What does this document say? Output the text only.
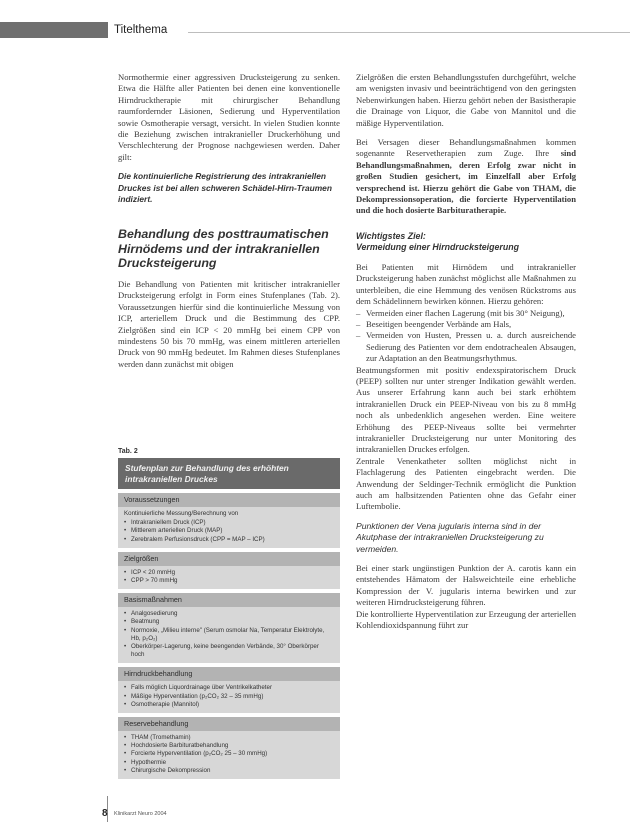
Titelthema

Normothermie einer aggressiven Drucksteigerung zu senken. Etwa die Hälfte aller Patienten bei denen eine konventionelle Hirndrucktherapie mit chirurgischer Behandlung raumfordernder Läsionen, Sedierung und Hyperventilation sowie Osmotherapie versagt, versicht. In vielen Studien konnte die Beziehung zwischen intrakranieller Druckerhöhung und Verschlechterung der Prognose nachgewiesen werden. Daher gilt:

Die kontinuierliche Registrierung des intrakraniellen Druckes ist bei allen schweren Schädel-Hirn-Traumen indiziert.

Behandlung des posttraumatischen Hirnödems und der intrakraniellen Drucksteigerung

Die Behandlung von Patienten mit kritischer intrakranieller Drucksteigerung erfolgt in Form eines Stufenplanes (Tab. 2). Voraussetzungen hierfür sind die kontinuierliche Messung von ICP, arteriellem Druck und die Bestimmung des CPP. Zielgrößen sind ein ICP < 20 mmHg bei einem CPP von mindestens 50 bis 70 mmHg, was einem mittleren arteriellen Druck von 90 mmHg bedeutet. Im Rahmen dieses Stufenplanes werden dann zunächst mit obigen

Tab. 2
Stufenplan zur Behandlung des erhöhten intrakraniellen Druckes
Voraussetzungen
Kontinuierliche Messung/Berechnung von
• Intrakraniellem Druck (ICP)
• Mittlerem arteriellen Druck (MAP)
• Zerebralem Perfusionsdruck (CPP = MAP – ICP)
Zielgrößen
• ICP < 20 mmHg
• CPP > 70 mmHg
Basismaßnahmen
• Analgosedierung
• Beatmung
• Normoxie, „Milieu interne" (Serum osmolar Na, Temperatur Elektrolyte, Hb, p₂O₂)
• Oberkörper-Lagerung, keine beengenden Verbände, 30° Oberkörper hoch
Hirndruckbehandlung
• Falls möglich Liquordrainage über Ventrikelkatheter
• Mäßige Hyperventilation (p₂CO₂ 32 – 35 mmHg)
• Osmotherapie (Mannitol)
Reservebehandlung
• THAM (Tromethamin)
• Hochdosierte Barbituratbehandlung
• Forcierte Hyperventilation (p₂CO₂ 25 – 30 mmHg)
• Hypothermie
• Chirurgische Dekompression

Zielgrößen die ersten Behandlungsstufen durchgeführt, welche am wenigsten invasiv und beeinträchtigend von den geringsten Nebenwirkungen haben. Hierzu gehört neben der Basistherapie die Drainage von Liquor, die Gabe von Mannitol und die mäßige Hyperventilation.

Bei Versagen dieser Behandlungsmaßnahmen kommen sogenannte Reservetherapien zum Zuge. Ihre sind Behandlungsmaßnahmen, deren Erfolg zwar nicht in großen Studien gesichert, im Einzelfall aber Erfolg versprechend ist. Hierzu gehört die Gabe von THAM, die Dekompressionsoperation, die forcierte Hyperventilation und die hoch dosierte Barbituratherapie.

Wichtigstes Ziel:
Vermeidung einer Hirndrucksteigerung

Bei Patienten mit Hirnödem und intrakranieller Drucksteigerung haben zunächst möglichst alle Maßnahmen zu unterbleiben, die eine Hemmung des venösen Rückstroms aus dem Schädelinnern bewirken können. Hierzu gehören:

– Vermeiden einer flachen Lagerung (mit bis 30° Neigung),
– Beseitigen beengender Verbände am Hals,
– Vermeiden von Husten, Pressen u. a. durch ausreichende Sedierung des Patienten vor dem endotrachealen Absaugen, zur Adaptation an den Beatmungsrhythmus.

Beatmungsformen mit positiv endexspiratorischem Druck (PEEP) sollten nur unter strenger Indikation gewählt werden. Aus unserer Erfahrung kann auch bei stark erhöhtem intrakraniellen Druck ein PEEP-Niveau von bis zu 8 mmHg noch als unbedenklich angesehen werden. Eine weitere Erhöhung des PEEP-Niveaus sollte bei vermehrter intrakranieller Drucksteigerung nur unter Monitoring des intrakraniellen Druckes erfolgen.

Zentrale Venenkatheter sollten möglichst nicht in Flachlagerung des Patienten eingebracht werden. Die Anwendung der Seldinger-Technik ermöglicht die Punktion auch am halbsitzenden Patienten ohne das Gefahr einer Luftembolie.

Punktionen der Vena jugularis interna sind in der Akutphase der intrakraniellen Drucksteigerung zu vermeiden.

Bei einer stark ungünstigen Punktion der A. carotis kann ein entstehendes Hämatom der Halsweichteile eine erhebliche Kompression der V. jugularis interna bewirken und zur weiteren Hirndrucksteigerung führen.

Die kontrollierte Hyperventilation zur Erzeugung der arteriellen Kohlendioxidspannung führt zur

8 Klinikarzt Neuro 2004
